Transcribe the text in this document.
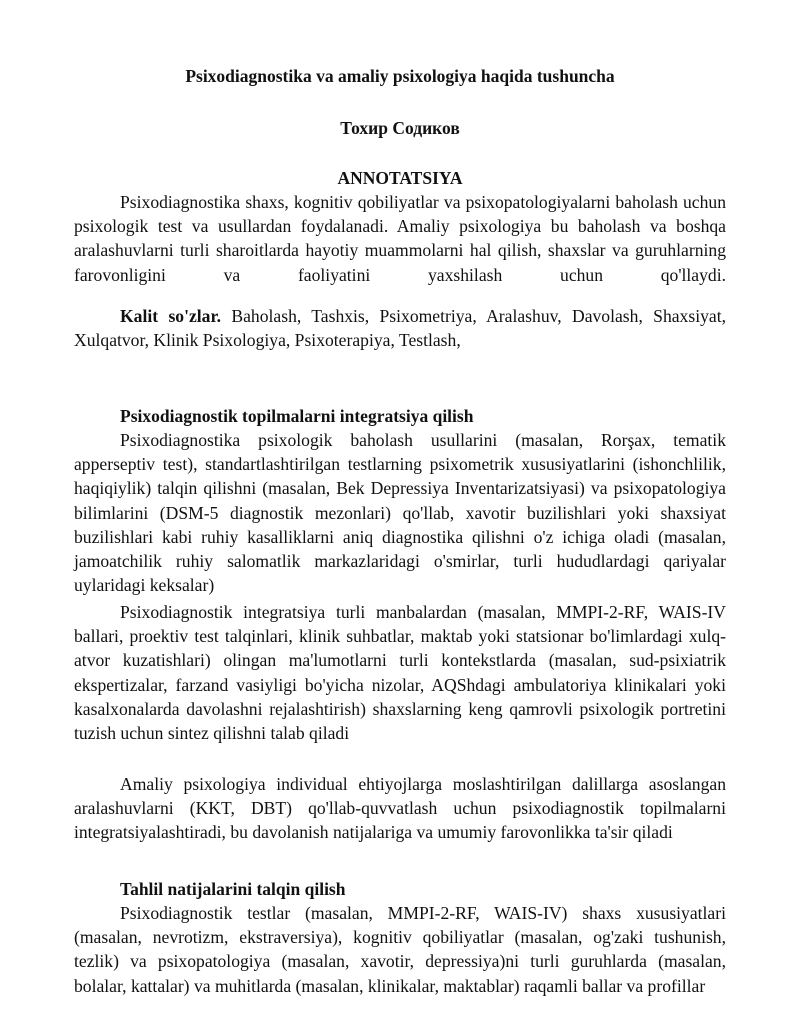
Psixodiagnostika va amaliy psixologiya haqida tushuncha

Тохир Содиков

ANNOTATSIYA

Psixodiagnostika shaxs, kognitiv qobiliyatlar va psixopatologiyalarni baholash uchun psixologik test va usullardan foydalanadi. Amaliy psixologiya bu baholash va boshqa aralashuvlarni turli sharoitlarda hayotiy muammolarni hal qilish, shaxslar va guruhlarning farovonligini va faoliyatini yaxshilash uchun qo'llaydi.

Kalit so'zlar. Baholash, Tashxis, Psixometriya, Aralashuv, Davolash, Shaxsiyat, Xulqatvor, Klinik Psixologiya, Psixoterapiya, Testlash,

Psixodiagnostik topilmalarni integratsiya qilish

Psixodiagnostika psixologik baholash usullarini (masalan, Rorşax, tematik apperseptiv test), standartlashtirilgan testlarning psixometrik xususiyatlarini (ishonchlilik, haqiqiylik) talqin qilishni (masalan, Bek Depressiya Inventarizatsiyasi) va psixopatologiya bilimlarini (DSM-5 diagnostik mezonlari) qo'llab, xavotir buzilishlari yoki shaxsiyat buzilishlari kabi ruhiy kasalliklarni aniq diagnostika qilishni o'z ichiga oladi (masalan, jamoatchilik ruhiy salomatlik markazlaridagi o'smirlar, turli hududlardagi qariyalar uylaridagi keksalar)

Psixodiagnostik integratsiya turli manbalardan (masalan, MMPI-2-RF, WAIS-IV ballari, proektiv test talqinlari, klinik suhbatlar, maktab yoki statsionar bo'limlardagi xulq-atvor kuzatishlari) olingan ma'lumotlarni turli kontekstlarda (masalan, sud-psixiatrik ekspertizalar, farzand vasiyligi bo'yicha nizolar, AQShdagi ambulatoriya klinikalari yoki kasalxonalarda davolashni rejalashtirish) shaxslarning keng qamrovli psixologik portretini tuzish uchun sintez qilishni talab qiladi

Amaliy psixologiya individual ehtiyojlarga moslashtirilgan dalillarga asoslangan aralashuvlarni (KKT, DBT) qo'llab-quvvatlash uchun psixodiagnostik topilmalarni integratsiyalashtiradi, bu davolanish natijalariga va umumiy farovonlikka ta'sir qiladi

Tahlil natijalarini talqin qilish

Psixodiagnostik testlar (masalan, MMPI-2-RF, WAIS-IV) shaxs xususiyatlari (masalan, nevrotizm, ekstraversiya), kognitiv qobiliyatlar (masalan, og'zaki tushunish, tezlik) va psixopatologiya (masalan, xavotir, depressiya)ni turli guruhlarda (masalan, bolalar, kattalar) va muhitlarda (masalan, klinikalar, maktablar) raqamli ballar va profillar
